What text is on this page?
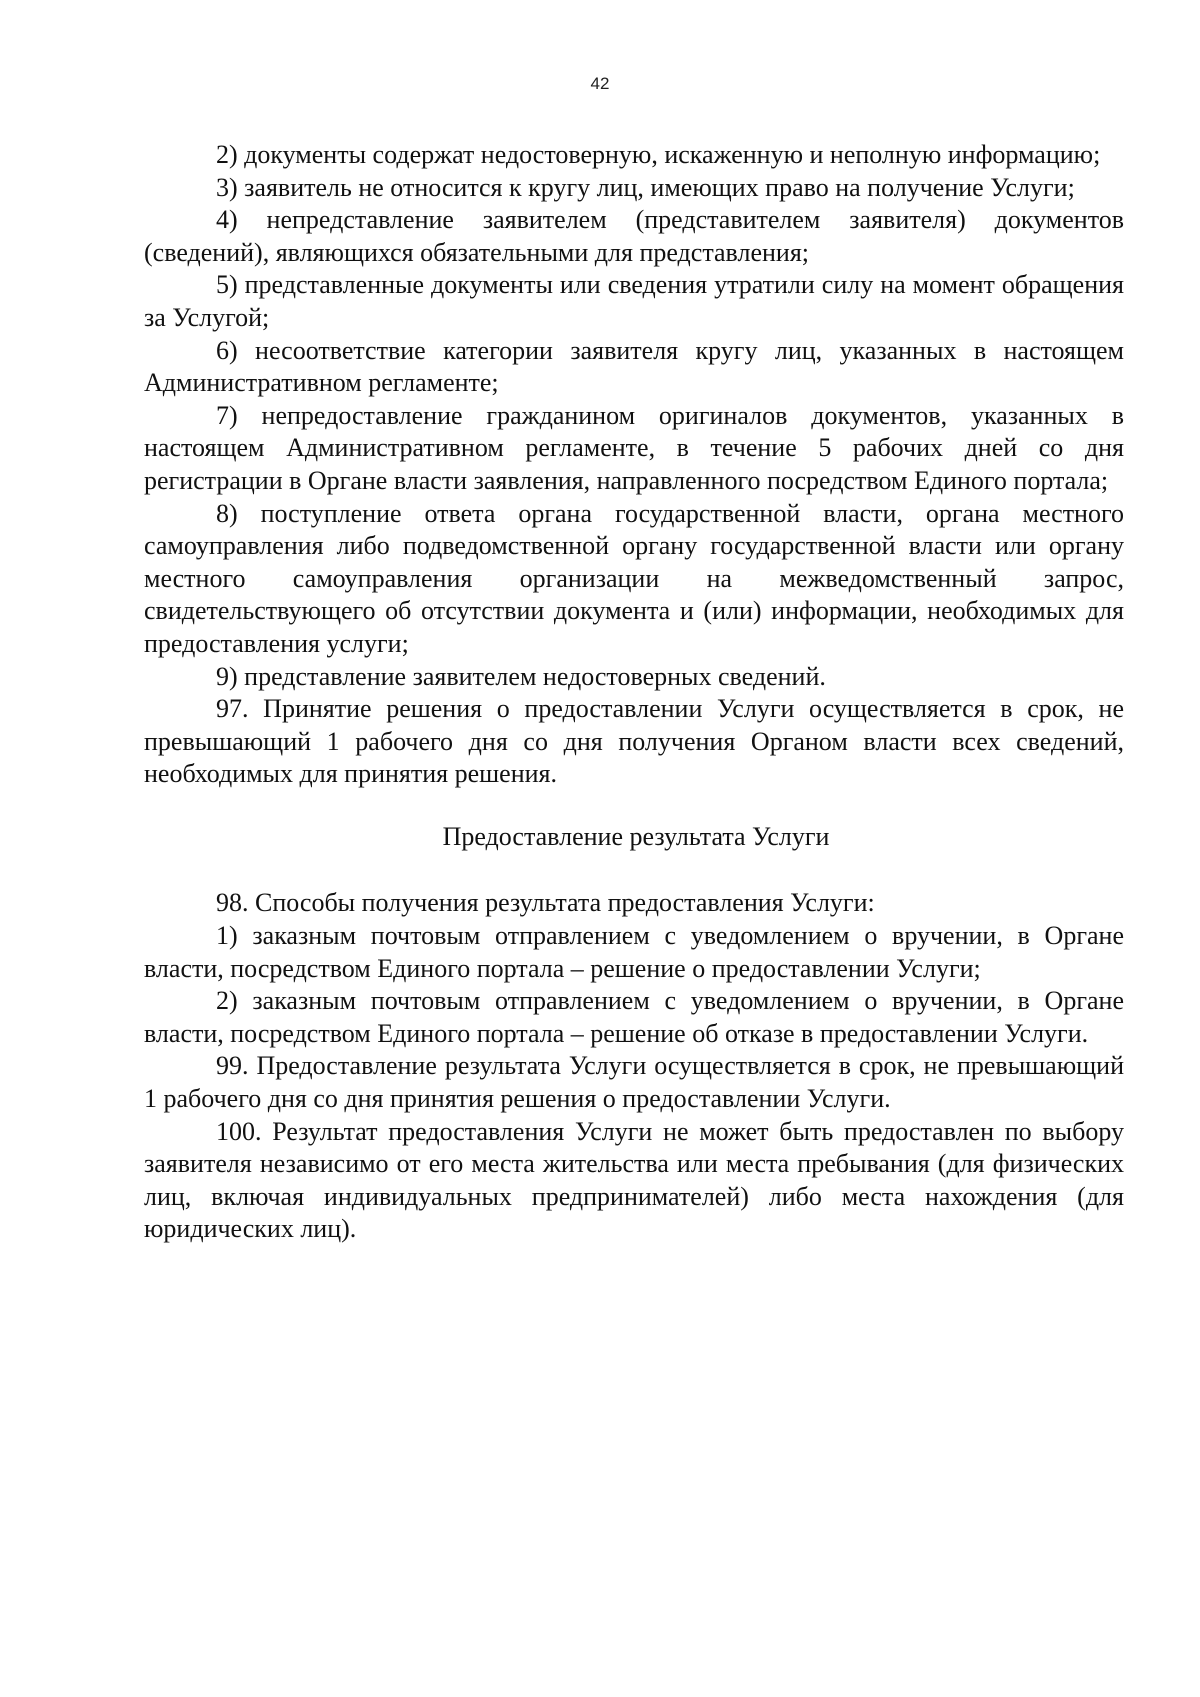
42

2) документы содержат недостоверную, искаженную и неполную информацию;

3) заявитель не относится к кругу лиц, имеющих право на получение Услуги;

4) непредставление заявителем (представителем заявителя) документов (сведений), являющихся обязательными для представления;

5) представленные документы или сведения утратили силу на момент обращения за Услугой;

6) несоответствие категории заявителя кругу лиц, указанных в настоящем Административном регламенте;

7) непредоставление гражданином оригиналов документов, указанных в настоящем Административном регламенте, в течение 5 рабочих дней со дня регистрации в Органе власти заявления, направленного посредством Единого портала;

8) поступление ответа органа государственной власти, органа местного самоуправления либо подведомственной органу государственной власти или органу местного самоуправления организации на межведомственный запрос, свидетельствующего об отсутствии документа и (или) информации, необходимых для предоставления услуги;

9) представление заявителем недостоверных сведений.

97. Принятие решения о предоставлении Услуги осуществляется в срок, не превышающий 1 рабочего дня со дня получения Органом власти всех сведений, необходимых для принятия решения.

Предоставление результата Услуги

98. Способы получения результата предоставления Услуги:

1) заказным почтовым отправлением с уведомлением о вручении, в Органе власти, посредством Единого портала – решение о предоставлении Услуги;

2) заказным почтовым отправлением с уведомлением о вручении, в Органе власти, посредством Единого портала – решение об отказе в предоставлении Услуги.

99. Предоставление результата Услуги осуществляется в срок, не превышающий 1 рабочего дня со дня принятия решения о предоставлении Услуги.

100. Результат предоставления Услуги не может быть предоставлен по выбору заявителя независимо от его места жительства или места пребывания (для физических лиц, включая индивидуальных предпринимателей) либо места нахождения (для юридических лиц).
